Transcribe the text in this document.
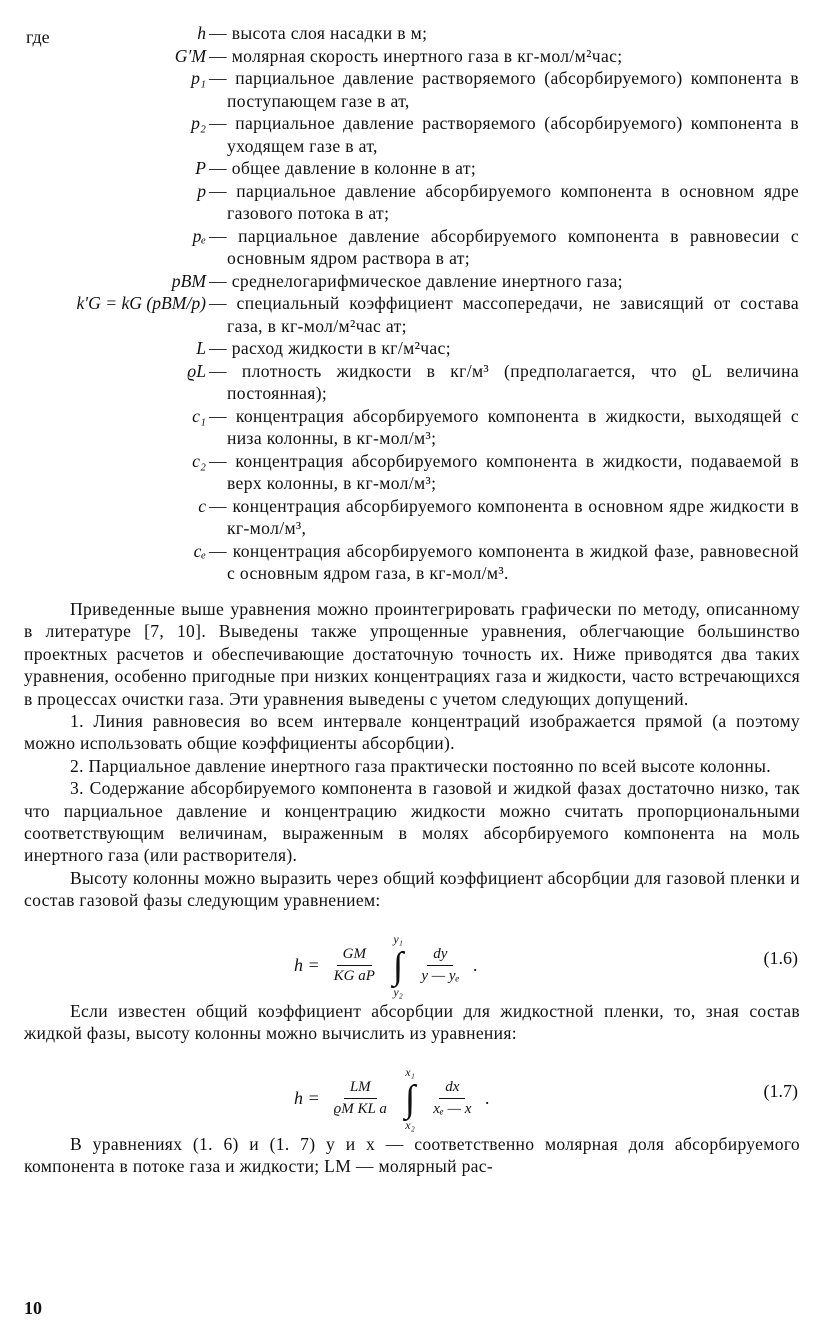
где	h — высота слоя насадки в м;
G′M — молярная скорость инертного газа в кг-мол/м²час;
p₁ — парциальное давление растворяемого (абсорбируемого) компонента в поступающем газе в ат,
p₂ — парциальное давление растворяемого (абсорбируемого) компонента в уходящем газе в ат,
P — общее давление в колонне в ат;
p — парциальное давление абсорбируемого компонента в основном ядре газового потока в ат;
pₑ — парциальное давление абсорбируемого компонента в равновесии с основным ядром раствора в ат;
pBM — среднелогарифмическое давление инертного газа;
k′G = kG (pBM/p) — специальный коэффициент массопередачи, не зависящий от состава газа, в кг-мол/м²час ат;
L — расход жидкости в кг/м²час;
ϱL — плотность жидкости в кг/м³ (предполагается, что ϱL величина постоянная);
c₁ — концентрация абсорбируемого компонента в жидкости, выходящей с низа колонны, в кг-мол/м³;
c₂ — концентрация абсорбируемого компонента в жидкости, подаваемой в верх колонны, в кг-мол/м³;
c — концентрация абсорбируемого компонента в основном ядре жидкости в кг-мол/м³,
cₑ — концентрация абсорбируемого компонента в жидкой фазе, равновесной с основным ядром газа, в кг-мол/м³.

Приведенные выше уравнения можно проинтегрировать графически по методу, описанному в литературе [7, 10]. Выведены также упрощенные уравнения, облегчающие большинство проектных расчетов и обеспечивающие достаточную точность их. Ниже приводятся два таких уравнения, особенно пригодные при низких концентрациях газа и жидкости, часто встречающихся в процессах очистки газа. Эти уравнения выведены с учетом следующих допущений.

1. Линия равновесия во всем интервале концентраций изображается прямой (а поэтому можно использовать общие коэффициенты абсорбции).

2. Парциальное давление инертного газа практически постоянно по всей высоте колонны.

3. Содержание абсорбируемого компонента в газовой и жидкой фазах достаточно низко, так что парциальное давление и концентрацию жидкости можно считать пропорциональными соответствующим величинам, выраженным в молях абсорбируемого компонента на моль инертного газа (или растворителя).

Высоту колонны можно выразить через общий коэффициент абсорбции для газовой пленки и состав газовой фазы следующим уравнением:

$h = \frac{GM}{\text{KG aP}}$
y₁
∫
y₂
$\frac{dy}{\text{y — yₑ}}$ .	(1.6)

Если известен общий коэффициент абсорбции для жидкостной пленки, то, зная состав жидкой фазы, высоту колонны можно вычислить из уравнения:

$h = \frac{LM}{\text{ϱM KL a}}$
x₁
∫
x₂
$\frac{dx}{\text{xₑ — x}}$ .	(1.7)

В уравнениях (1. 6) и (1. 7) y и x — соответственно молярная доля абсорбируемого компонента в потоке газа и жидкости; LM — молярный рас-

10
